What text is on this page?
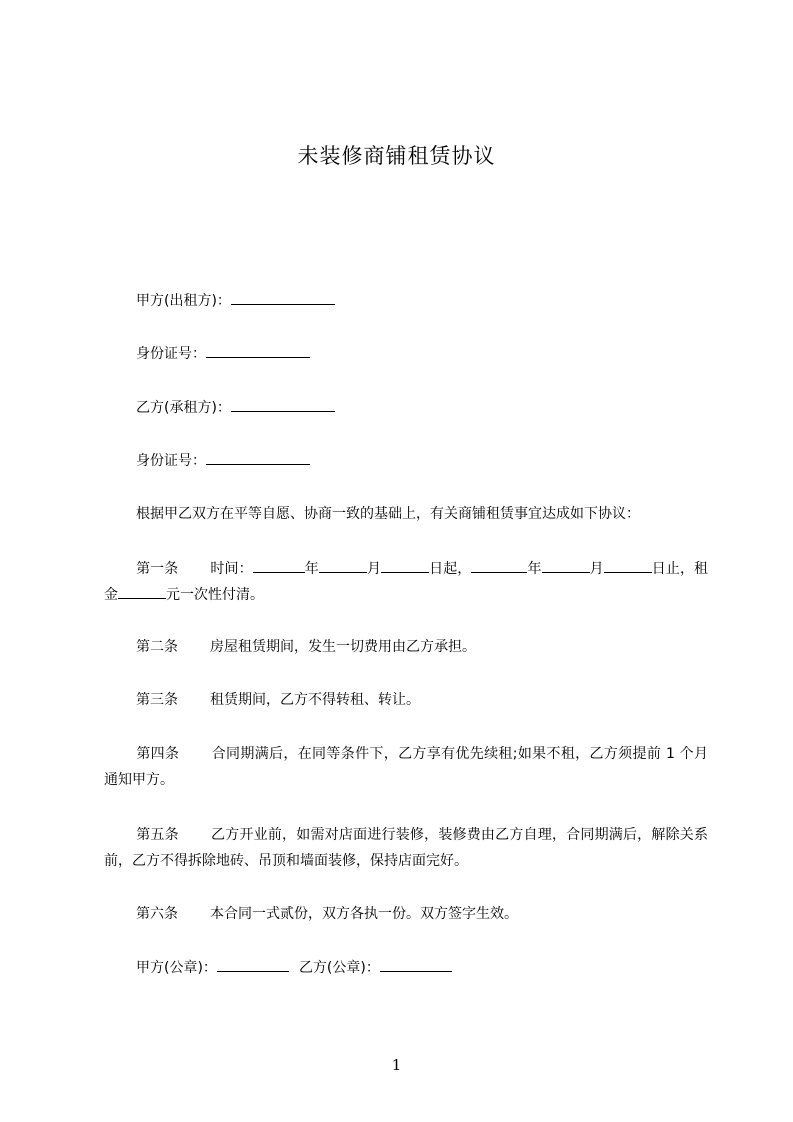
未装修商铺租赁协议
甲方(出租方)：
身份证号：
乙方(承租方)：
身份证号：
根据甲乙双方在平等自愿、协商一致的基础上，有关商铺租赁事宜达成如下协议：
第一条 时间：	年	月	日起，	年	月	日止，租金	元一次性付清。
第二条 房屋租赁期间，发生一切费用由乙方承担。
第三条 租赁期间，乙方不得转租、转让。
第四条 合同期满后，在同等条件下，乙方享有优先续租;如果不租，乙方须提前 1 个月通知甲方。
第五条 乙方开业前，如需对店面进行装修，装修费由乙方自理，合同期满后，解除关系前，乙方不得拆除地砖、吊顶和墙面装修，保持店面完好。
第六条 本合同一式贰份，双方各执一份。双方签字生效。
甲方(公章)：	乙方(公章)：
1
